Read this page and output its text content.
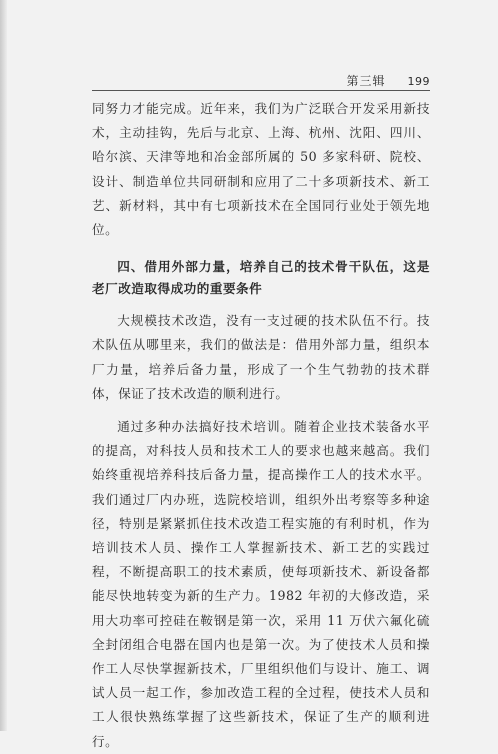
第三辑 199

同努力才能完成。近年来，我们为广泛联合开发采用新技术，主动挂钩，先后与北京、上海、杭州、沈阳、四川、哈尔滨、天津等地和冶金部所属的 50 多家科研、院校、设计、制造单位共同研制和应用了二十多项新技术、新工艺、新材料，其中有七项新技术在全国同行业处于领先地位。

四、借用外部力量，培养自己的技术骨干队伍，这是老厂改造取得成功的重要条件

大规模技术改造，没有一支过硬的技术队伍不行。技术队伍从哪里来，我们的做法是：借用外部力量，组织本厂力量，培养后备力量，形成了一个生气勃勃的技术群体，保证了技术改造的顺利进行。

通过多种办法搞好技术培训。随着企业技术装备水平的提高，对科技人员和技术工人的要求也越来越高。我们始终重视培养科技后备力量，提高操作工人的技术水平。我们通过厂内办班，选院校培训，组织外出考察等多种途径，特别是紧紧抓住技术改造工程实施的有利时机，作为培训技术人员、操作工人掌握新技术、新工艺的实践过程，不断提高职工的技术素质，使每项新技术、新设备都能尽快地转变为新的生产力。1982 年初的大修改造，采用大功率可控硅在鞍钢是第一次，采用 11 万伏六氟化硫全封闭组合电器在国内也是第一次。为了使技术人员和操作工人尽快掌握新技术，厂里组织他们与设计、施工、调试人员一起工作，参加改造工程的全过程，使技术人员和工人很快熟练掌握了这些新技术，保证了生产的顺利进行。
